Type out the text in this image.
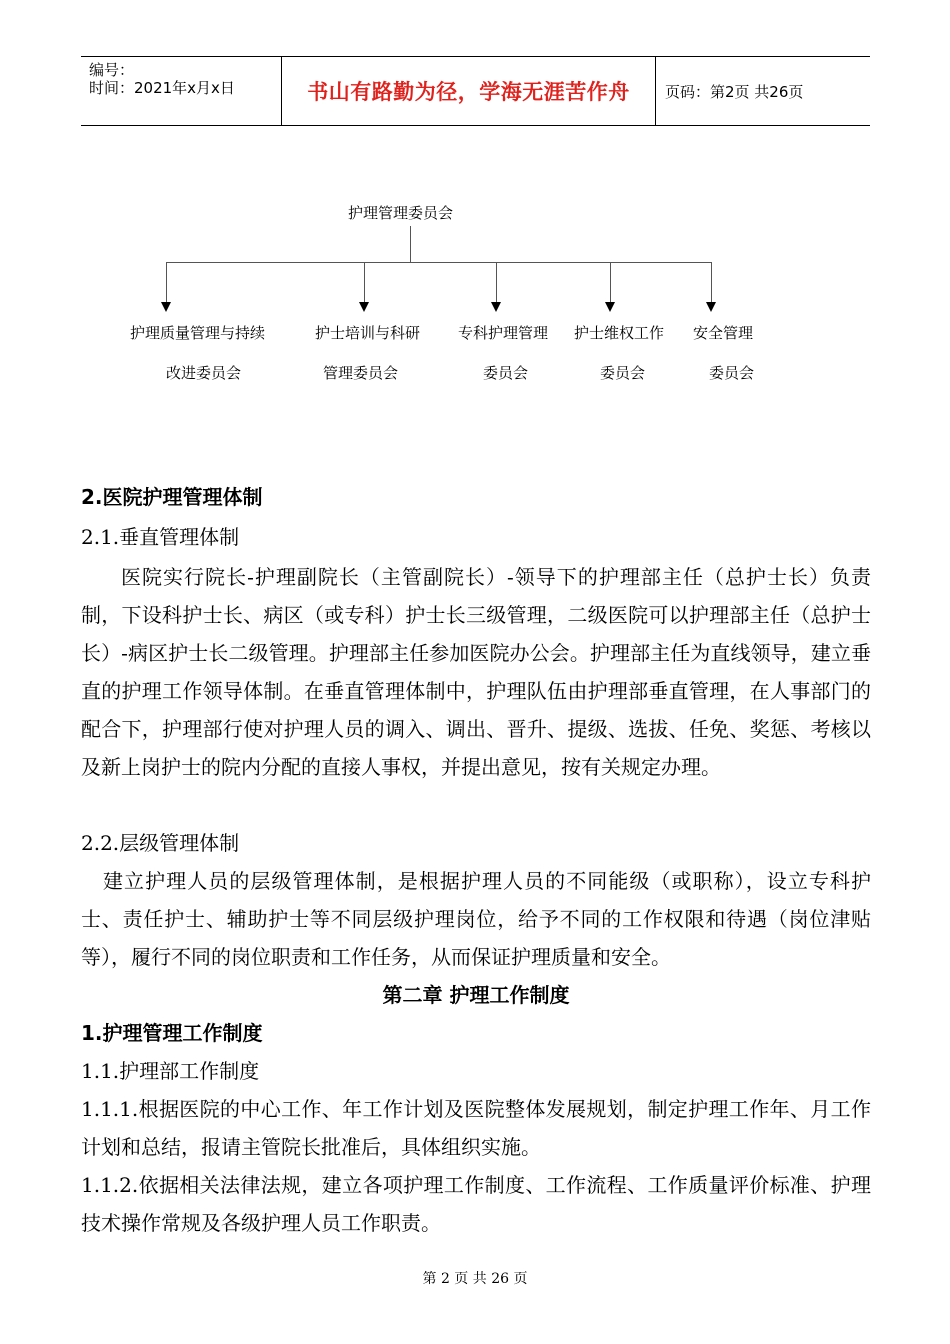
编号：
时间：2021年x月x日	书山有路勤为径，学海无涯苦作舟	页码：第2页 共26页
护理管理委员会
护理质量管理与持续
改进委员会
护士培训与科研
管理委员会
专科护理管理
委员会
护士维权工作
委员会
安全管理
委员会
2.医院护理管理体制
2.1.垂直管理体制
医院实行院长-护理副院长（主管副院长）-领导下的护理部主任（总护士长）负责制，下设科护士长、病区（或专科）护士长三级管理，二级医院可以护理部主任（总护士长）-病区护士长二级管理。护理部主任参加医院办公会。护理部主任为直线领导，建立垂直的护理工作领导体制。在垂直管理体制中，护理队伍由护理部垂直管理，在人事部门的配合下，护理部行使对护理人员的调入、调出、晋升、提级、选拔、任免、奖惩、考核以及新上岗护士的院内分配的直接人事权，并提出意见，按有关规定办理。
2.2.层级管理体制
建立护理人员的层级管理体制，是根据护理人员的不同能级（或职称），设立专科护士、责任护士、辅助护士等不同层级护理岗位，给予不同的工作权限和待遇（岗位津贴等），履行不同的岗位职责和工作任务，从而保证护理质量和安全。
第二章 护理工作制度
1.护理管理工作制度
1.1.护理部工作制度
1.1.1.根据医院的中心工作、年工作计划及医院整体发展规划，制定护理工作年、月工作计划和总结，报请主管院长批准后，具体组织实施。
1.1.2.依据相关法律法规，建立各项护理工作制度、工作流程、工作质量评价标准、护理技术操作常规及各级护理人员工作职责。
第 2 页 共 26 页
